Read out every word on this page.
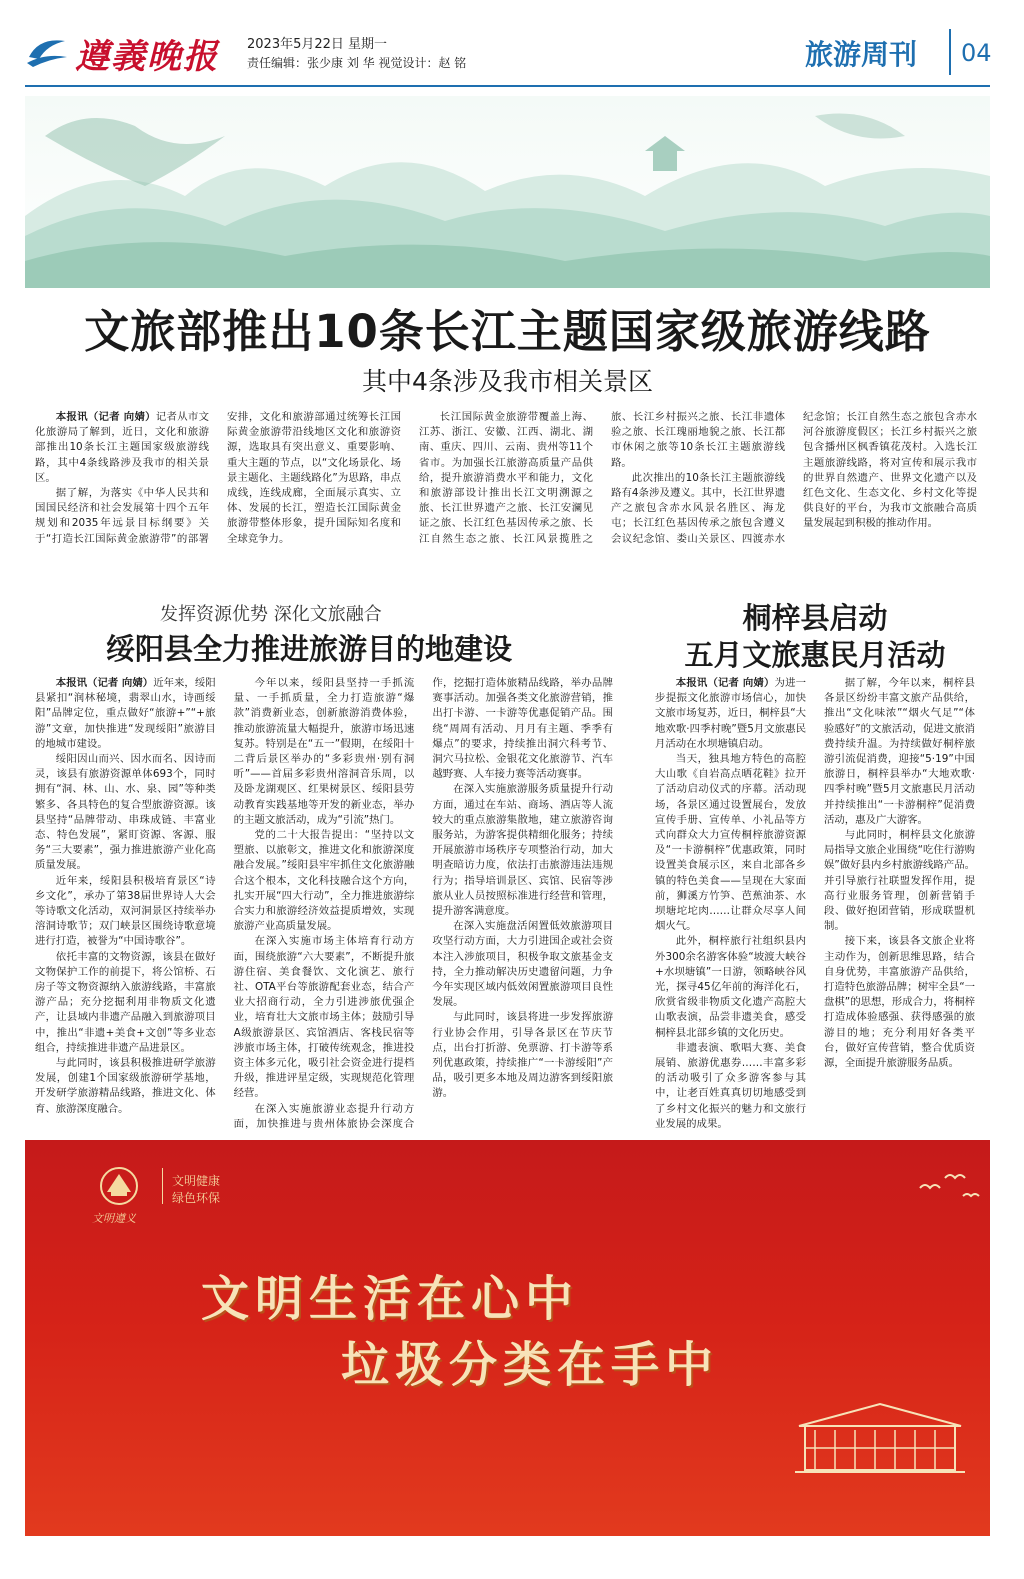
遵義晚报 2023年5月22日 星期一
责任编辑：张少康 刘 华 视觉设计：赵 铭	旅游周刊 04
文旅部推出10条长江主题国家级旅游线路
其中4条涉及我市相关景区

本报讯（记者 向婧）记者从市文化旅游局了解到，近日，文化和旅游部推出10条长江主题国家级旅游线路，其中4条线路涉及我市的相关景区。

据了解，为落实《中华人民共和国国民经济和社会发展第十四个五年规划和2035年远景目标纲要》关于“打造长江国际黄金旅游带”的部署安排，文化和旅游部通过统筹长江国际黄金旅游带沿线地区文化和旅游资源，选取具有突出意义、重要影响、重大主题的节点，以“文化场景化、场景主题化、主题线路化”为思路，串点成线，连线成廊，全面展示真实、立体、发展的长江，塑造长江国际黄金旅游带整体形象，提升国际知名度和全球竞争力。

长江国际黄金旅游带覆盖上海、江苏、浙江、安徽、江西、湖北、湖南、重庆、四川、云南、贵州等11个省市。为加强长江旅游高质量产品供给，提升旅游消费水平和能力，文化和旅游部设计推出长江文明溯源之旅、长江世界遗产之旅、长江安澜见证之旅、长江红色基因传承之旅、长江自然生态之旅、长江风景揽胜之旅、长江乡村振兴之旅、长江非遗体验之旅、长江瑰丽地貌之旅、长江都市休闲之旅等10条长江主题旅游线路。

此次推出的10条长江主题旅游线路有4条涉及遵义。其中，长江世界遗产之旅包含赤水风景名胜区、海龙屯；长江红色基因传承之旅包含遵义会议纪念馆、娄山关景区、四渡赤水纪念馆；长江自然生态之旅包含赤水河谷旅游度假区；长江乡村振兴之旅包含播州区枫香镇花茂村。入选长江主题旅游线路，将对宣传和展示我市的世界自然遗产、世界文化遗产以及红色文化、生态文化、乡村文化等提供良好的平台，为我市文旅融合高质量发展起到积极的推动作用。

发挥资源优势 深化文旅融合
绥阳县全力推进旅游目的地建设

本报讯（记者 向婧）近年来，绥阳县紧扣“润林秘境，翡翠山水，诗画绥阳”品牌定位，重点做好“旅游+”“+旅游”文章，加快推进“发现绥阳”旅游目的地城市建设。

绥阳因山而兴、因水而名、因诗而灵，该县有旅游资源单体693个，同时拥有“洞、林、山、水、泉、园”等种类繁多、各具特色的复合型旅游资源。该县坚持“品牌带动、串珠成链、丰富业态、特色发展”，紧盯资源、客源、服务“三大要素”，强力推进旅游产业化高质量发展。

近年来，绥阳县积极培育景区“诗乡文化”，承办了第38届世界诗人大会等诗歌文化活动，双河洞景区持续举办溶洞诗歌节；双门峡景区围绕诗歌意境进行打造，被誉为“中国诗歌谷”。

依托丰富的文物资源，该县在做好文物保护工作的前提下，将公馆桥、石房子等文物资源纳入旅游线路，丰富旅游产品；充分挖掘利用非物质文化遗产，让县域内非遗产品融入到旅游项目中，推出“非遗+美食+文创”等多业态组合，持续推进非遗产品进景区。

与此同时，该县积极推进研学旅游发展，创建1个国家级旅游研学基地，开发研学旅游精品线路，推进文化、体育、旅游深度融合。

今年以来，绥阳县坚持一手抓流量、一手抓质量，全力打造旅游“爆款”消费新业态，创新旅游消费体验，推动旅游流量大幅提升，旅游市场迅速复苏。特别是在“五一”假期，在绥阳十二背后景区举办的“多彩贵州·别有洞听”——首届多彩贵州溶洞音乐周，以及卧龙湖观区、红果树景区、绥阳县劳动教育实践基地等开发的新业态，举办的主题文旅活动，成为“引流”热门。

党的二十大报告提出：“坚持以文塑旅、以旅彰文，推进文化和旅游深度融合发展。”绥阳县牢牢抓住文化旅游融合这个根本，文化科技融合这个方向，扎实开展“四大行动”，全力推进旅游综合实力和旅游经济效益提质增效，实现旅游产业高质量发展。

在深入实施市场主体培育行动方面，围绕旅游“六大要素”，不断提升旅游住宿、美食餐饮、文化演艺、旅行社、OTA平台等旅游配套业态，结合产业大招商行动，全力引进涉旅优强企业，培育壮大文旅市场主体；鼓励引导A级旅游景区、宾馆酒店、客栈民宿等涉旅市场主体，打破传统观念，推进投资主体多元化，吸引社会资金进行提档升级，推进评星定级，实现规范化管理经营。

在深入实施旅游业态提升行动方面，加快推进与贵州体旅协会深度合作，挖掘打造体旅精品线路，举办品牌赛事活动。加强各类文化旅游营销，推出打卡游、一卡游等优惠促销产品。围绕“周周有活动、月月有主题、季季有爆点”的要求，持续推出洞穴科考节、洞穴马拉松、金银花文化旅游节、汽车越野赛、人车接力赛等活动赛事。

在深入实施旅游服务质量提升行动方面，通过在车站、商场、酒店等人流较大的重点旅游集散地，建立旅游咨询服务站，为游客提供精细化服务；持续开展旅游市场秩序专项整治行动，加大明查暗访力度，依法打击旅游违法违规行为；指导培训景区、宾馆、民宿等涉旅从业人员按照标准进行经营和管理，提升游客满意度。

在深入实施盘活闲置低效旅游项目攻坚行动方面，大力引进国企或社会资本注入涉旅项目，积极争取文旅基金支持，全力推动解决历史遗留问题，力争今年实现区域内低效闲置旅游项目良性发展。

与此同时，该县将进一步发挥旅游行业协会作用，引导各景区在节庆节点，出台打折游、免票游、打卡游等系列优惠政策，持续推广“一卡游绥阳”产品，吸引更多本地及周边游客到绥阳旅游。

桐梓县启动
五月文旅惠民月活动

本报讯（记者 向婧）为进一步提振文化旅游市场信心，加快文旅市场复苏，近日，桐梓县“大地欢歌·四季村晚”暨5月文旅惠民月活动在水坝塘镇启动。

当天，独具地方特色的高腔大山歌《自岩高点晒花鞋》拉开了活动启动仪式的序幕。活动现场，各景区通过设置展台，发放宣传手册、宣传单、小礼品等方式向群众大力宣传桐梓旅游资源及“一卡游桐梓”优惠政策，同时设置美食展示区，来自北部各乡镇的特色美食——呈现在大家面前，狮溪方竹笋、芭蕉油茶、水坝塘坨坨肉……让群众尽享人间烟火气。

此外，桐梓旅行社组织县内外300余名游客体验“坡渡大峡谷+水坝塘镇”一日游，领略峡谷风光，探寻45亿年前的海洋化石，欣赏省级非物质文化遗产高腔大山歌表演，品尝非遗美食，感受桐梓县北部乡镇的文化历史。

非遗表演、歌唱大赛、美食展销、旅游优惠券……丰富多彩的活动吸引了众多游客参与其中，让老百姓真真切切地感受到了乡村文化振兴的魅力和文旅行业发展的成果。

据了解，今年以来，桐梓县各景区纷纷丰富文旅产品供给，推出“文化味浓”“烟火气足”“体验感好”的文旅活动，促进文旅消费持续升温。为持续做好桐梓旅游引流促消费，迎接“5·19”中国旅游日，桐梓县举办“大地欢歌·四季村晚”暨5月文旅惠民月活动并持续推出“一卡游桐梓”促消费活动，惠及广大游客。

与此同时，桐梓县文化旅游局指导文旅企业围绕“吃住行游购娱”做好县内乡村旅游线路产品。并引导旅行社联盟发挥作用，提高行业服务管理，创新营销手段、做好抱团营销，形成联盟机制。

接下来，该县各文旅企业将主动作为，创新思维思路，结合自身优势，丰富旅游产品供给，打造特色旅游品牌；树牢全县“一盘棋”的思想，形成合力，将桐梓打造成体验感强、获得感强的旅游目的地；充分利用好各类平台，做好宣传营销，整合优质资源，全面提升旅游服务品质。

文明健康
绿色环保
文明遵义
文明生活在心中
垃圾分类在手中
